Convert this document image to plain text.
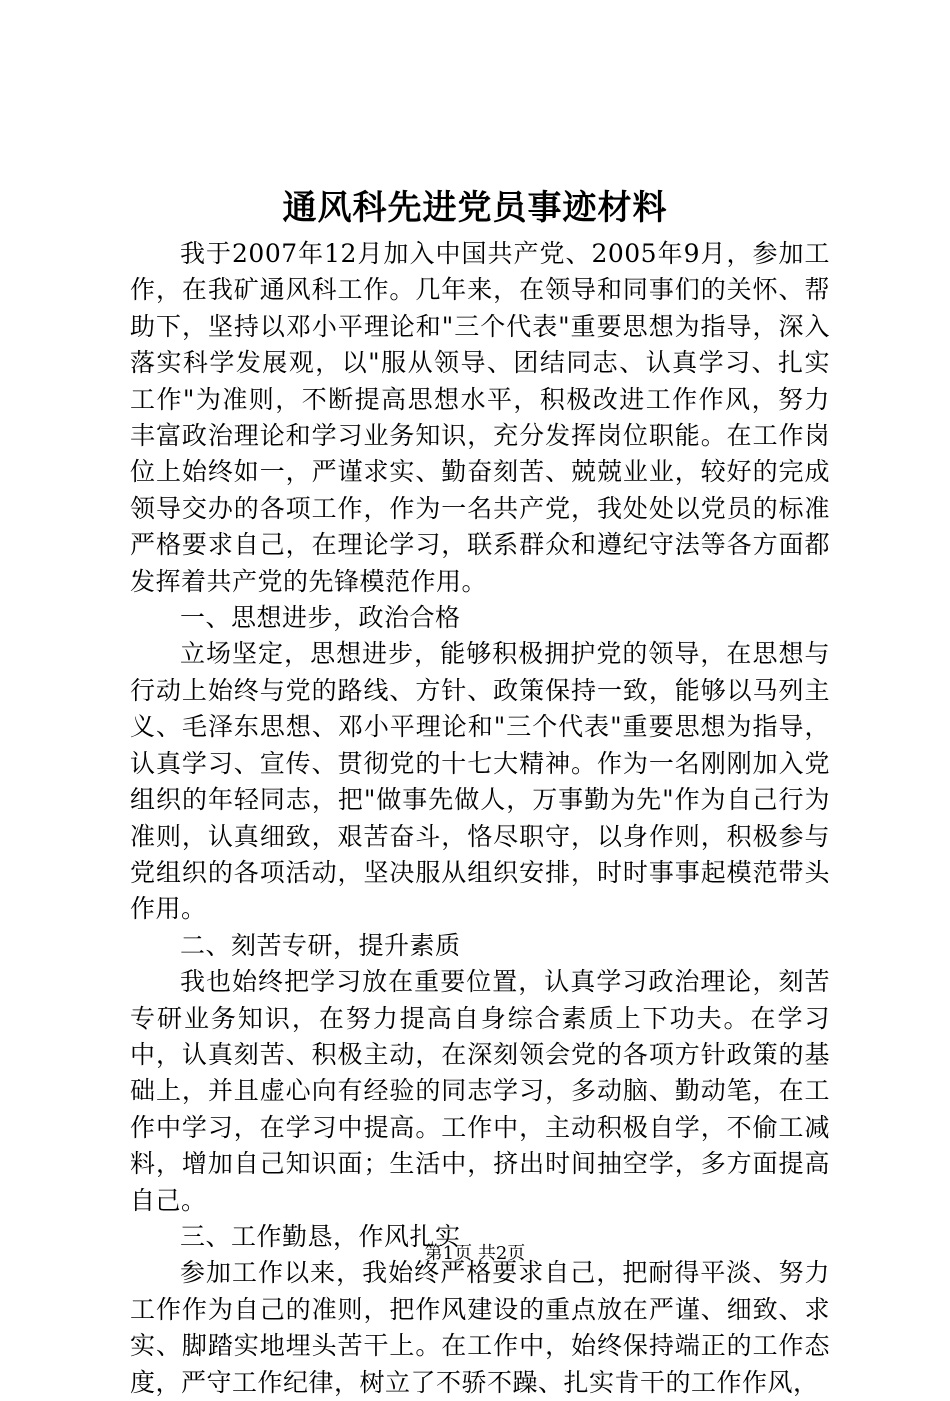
通风科先进党员事迹材料

我于2007年12月加入中国共产党、2005年9月，参加工作，在我矿通风科工作。几年来，在领导和同事们的关怀、帮助下，坚持以邓小平理论和"三个代表"重要思想为指导，深入落实科学发展观，以"服从领导、团结同志、认真学习、扎实工作"为准则，不断提高思想水平，积极改进工作作风，努力丰富政治理论和学习业务知识，充分发挥岗位职能。在工作岗位上始终如一，严谨求实、勤奋刻苦、兢兢业业，较好的完成领导交办的各项工作，作为一名共产党，我处处以党员的标准严格要求自己，在理论学习，联系群众和遵纪守法等各方面都发挥着共产党的先锋模范作用。

一、思想进步，政治合格

立场坚定，思想进步，能够积极拥护党的领导，在思想与行动上始终与党的路线、方针、政策保持一致，能够以马列主义、毛泽东思想、邓小平理论和"三个代表"重要思想为指导，认真学习、宣传、贯彻党的十七大精神。作为一名刚刚加入党组织的年轻同志，把"做事先做人，万事勤为先"作为自己行为准则，认真细致，艰苦奋斗，恪尽职守，以身作则，积极参与党组织的各项活动，坚决服从组织安排，时时事事起模范带头作用。

二、刻苦专研，提升素质

我也始终把学习放在重要位置，认真学习政治理论，刻苦专研业务知识，在努力提高自身综合素质上下功夫。在学习中，认真刻苦、积极主动，在深刻领会党的各项方针政策的基础上，并且虚心向有经验的同志学习，多动脑、勤动笔，在工作中学习，在学习中提高。工作中，主动积极自学，不偷工减料，增加自己知识面；生活中，挤出时间抽空学，多方面提高自己。

三、工作勤恳，作风扎实

参加工作以来，我始终严格要求自己，把耐得平淡、努力工作作为自己的准则，把作风建设的重点放在严谨、细致、求实、脚踏实地埋头苦干上。在工作中，始终保持端正的工作态度，严守工作纪律，树立了不骄不躁、扎实肯干的工作作风，

第1页 共2页
